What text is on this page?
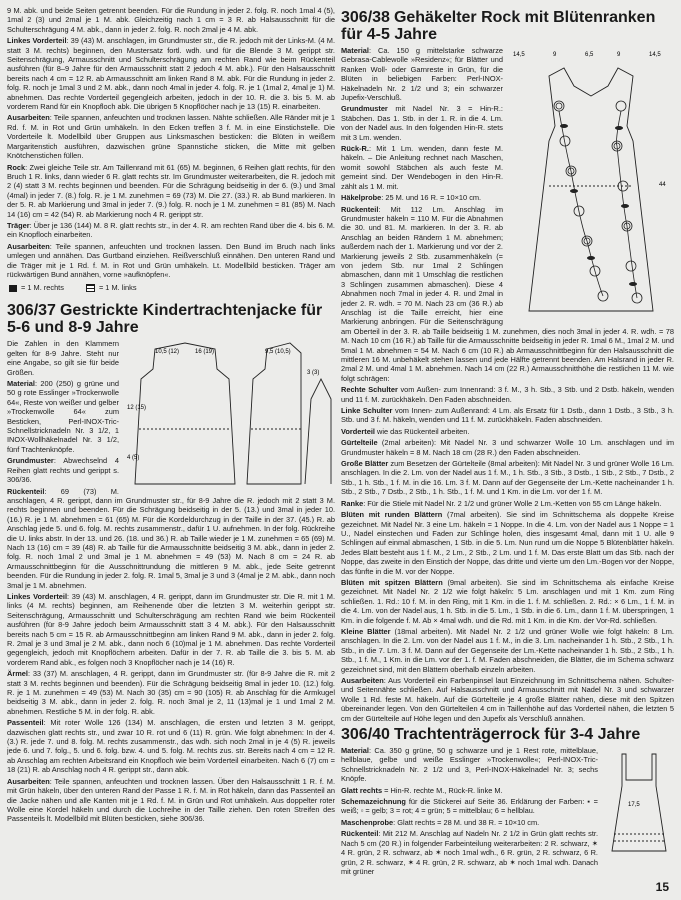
9 M. abk. und beide Seiten getrennt beenden. Für die Rundung in jeder 2. folg. R. noch 1mal 4 (5), 1mal 2 (3) und 2mal je 1 M. abk. Gleichzeitig nach 1 cm = 3 R. ab Halsausschnitt für die Schulterschrägung 4 M. abk., dann in jeder 2. folg. R. noch 2mal je 4 M. abk.

Linkes Vorderteil: 39 (43) M. anschlagen, im Grundmuster str., die R. jedoch mit der Links-M. (4 M. statt 3 M. rechts) beginnen, den Mustersatz fortl. wdh. und für die Blende 3 M. gerippt str. Seitenschrägung, Armausschnitt und Schulterschrägung am rechten Rand wie beim Rückenteil ausführen (für 8–9 Jahre für den Armausschnitt statt 2 jedoch 4 M. abk.). Für den Halsausschnitt bereits nach 4 cm = 12 R. ab Armausschnitt am linken Rand 8 M. abk. Für die Rundung in jeder 2. folg. R. noch je 1mal 3 und 2 M. abk., dann noch 4mal in jeder 4. folg. R. je 1 (1mal 2, 4mal je 1) M. abnehmen. Das rechte Vorderteil gegengleich arbeiten, jedoch in der 10. R. die 3. bis 5. M. ab vorderem Rand für ein Knopfloch abk. Die übrigen 5 Knopflöcher nach je 13 (15) R. einarbeiten.

Ausarbeiten: Teile spannen, anfeuchten und trocknen lassen. Nähte schließen. Alle Ränder mit je 1 Rd. f. M. in Rot und Grün umhäkeln. In den Ecken treffen 3 f. M. in eine Einstichstelle. Die Vorderteile lt. Modellbild über Gruppen aus Linksmaschen besticken: die Blüten in weißem Margaritenstich ausführen, dazwischen grüne Spannstiche sticken, die Mitte mit gelben Knötchenstichen füllen.

Rock: Zwei gleiche Teile str. Am Taillenrand mit 61 (65) M. beginnen, 6 Reihen glatt rechts, für den Bruch 1 R. links, dann wieder 6 R. glatt rechts str. Im Grundmuster weiterarbeiten, die R. jedoch mit 2 (4) statt 3 M. rechts beginnen und beenden. Für die Schrägung beidseitig in der 6. (9.) und 3mal (4mal) in jeder 7. (8.) folg. R. je 1 M. zunehmen = 69 (73) M. Die 27. (33.) R. ab Bund markieren. In der 5. R. ab Markierung und 3mal in jeder 7. (9.) folg. R. noch je 1 M. zunehmen = 81 (85) M. Nach 14 (16) cm = 42 (54) R. ab Markierung noch 4 R. gerippt str.

Träger: Über je 136 (144) M. 8 R. glatt rechts str., in der 4. R. am rechten Rand über die 4. bis 6. M. ein Knopfloch einarbeiten.

Ausarbeiten: Teile spannen, anfeuchten und trocknen lassen. Den Bund im Bruch nach links umlegen und annähen. Das Gurtband einziehen. Reißverschluß einnähen. Den unteren Rand und die Träger mit je 1 Rd. f. M. in Rot und Grün umhäkeln. Lt. Modellbild besticken. Träger am rückwärtigen Bund annähen, vorne »aufknöpfen«.

= 1 M. rechts	= 1 M. links
306/37 Gestrickte Kindertrachtenjacke für 5-6 und 8-9 Jahre
10,5 (12)	16 (19)	9,5 (10,5)
3 (3)
12 (15)
4 (5)

Die Zahlen in den Klammern gelten für 8-9 Jahre. Steht nur eine Angabe, so gilt sie für beide Größen.

Material: 200 (250) g grüne und 50 g rote Esslinger »Trockenwolle 64«, Reste von weißer und gelber »Trockenwolle 64« zum Besticken, Perl-INOX-Tric-Schnellstricknadeln Nr. 3 1/2, 1 INOX-Wollhäkelnadel Nr. 3 1/2, fünf Trachtenknöpfe.

Grundmuster: Abwechselnd 4 Reihen glatt rechts und gerippt s. 306/36.

Rückenteil: 69 (73) M. anschlagen, 4 R. gerippt, dann im Grundmuster str., für 8-9 Jahre die R. jedoch mit 2 statt 3 M. rechts beginnen und beenden. Für die Schrägung beidseitig in der 5. (13.) und 3mal in jeder 10. (16.) R. je 1 M. abnehmen = 61 (65) M. Für die Kordeldurchzug in der Taille in der 37. (45.) R. ab Anschlag jede 5. und 6. folg. M. rechts zusammenstr., dafür 1 U. aufnehmen. In der folg. Rückreihe die U. links abstr. In der 13. und 26. (18. und 36.) R. ab Taille wieder je 1 M. zunehmen = 65 (69) M. Nach 13 (16) cm = 39 (48) R. ab Taille für die Armausschnitte beidseitig 3 M. abk., dann in jeder 2. folg. R. noch 1mal 2 und 3mal je 1 M. abnehmen = 49 (53) M. Nach 8 cm = 24 R. ab Armausschnittbeginn für die Ausschnittrundung die mittleren 9 M. abk., jede Seite getrennt beenden. Für die Rundung in jeder 2. folg. R. 1mal 5, 3mal je 3 und 3 (4mal je 2 M. abk., dann noch 3mal je 1 M. abnehmen.

Linkes Vorderteil: 39 (43) M. anschlagen, 4 R. gerippt, dann im Grundmuster str. Die R. mit 1 M. links (4 M. rechts) beginnen, am Reihenende über die letzten 3 M. weiterhin gerippt str. Seitenschrägung, Armausschnitt und Schulterschrägung am rechten Rand wie beim Rückenteil ausführen (für 8-9 Jahre jedoch beim Armausschnitt statt 3 4 M. abk.). Für den Halsausschnitt bereits nach 5 cm = 15 R. ab Armausschnittbeginn am linken Rand 9 M. abk., dann in jeder 2. folg. R. 2mal je 3 und 3mal je 2 M. abk., dann noch 6 (10)mal je 1 M. abnehmen. Das rechte Vorderteil gegengleich, jedoch mit Knopflöchern arbeiten. Dafür in der 7. R. ab Taille die 3. bis 5. M. ab vorderem Rand abk., es folgen noch 3 Knopflöcher nach je 14 (16) R.

Ärmel: 33 (37) M. anschlagen, 4 R. gerippt, dann im Grundmuster str. (für 8-9 Jahre die R. mit 2 statt 3 M. rechts beginnen und beenden). Für die Schrägung beidseitig 8mal in jeder 10. (12.) folg. R. je 1 M. zunehmen = 49 (53) M. Nach 30 (35) cm = 90 (105) R. ab Anschlag für die Armkugel beidseitig 3 M. abk., dann in jeder 2. folg. R. noch 3mal je 2, 11 (13)mal je 1 und 1mal 2 M. abnehmen. Restliche 5 M. in der folg. R. abk.

Passenteil: Mit roter Wolle 126 (134) M. anschlagen, die ersten und letzten 3 M. gerippt, dazwischen glatt rechts str., und zwar 10 R. rot und 6 (11) R. grün. Wie folgt abnehmen: In der 4. (3.) R. jede 7. und 8. folg. M. rechts zusammenstr., das wdh. sich noch 2mal in je 4 (5) R. jeweils jede 6. und 7. folg., 5. und 6. folg. bzw. 4. und 5. folg. M. rechts zus. str. Bereits nach 4 cm = 12 R. ab Anschlag am rechten Arbeitsrand ein Knopfloch wie beim Vorderteil einarbeiten. Nach 6 (7) cm = 18 (21) R. ab Anschlag noch 4 R. gerippt str., dann abk.

Ausarbeiten: Teile spannen, anfeuchten und trocknen lassen. Über den Halsausschnitt 1 R. f. M. mit Grün häkeln, über den unteren Rand der Passe 1 R. f. M. in Rot häkeln, dann das Passenteil an die Jacke nähen und alle Kanten mit je 1 Rd. f. M. in Grün und Rot umhäkeln. Aus doppelter roter Wolle eine Kordel häkeln und durch die Lochreihe in der Taille ziehen. Den roten Streifen des Passenteils lt. Modellbild mit Blüten besticken, siehe 306/36.

306/38 Gehäkelter Rock mit Blütenranken für 4-5 Jahre
14,5	9	6,5	9	14,5
44

Material: Ca. 150 g mittelstarke schwarze Gebrasa-Cablewolle »Residenz«; für Blätter und Ranken Woll- oder Garnreste in Grün, für die Blüten in beliebigen Farben: Perl-INOX-Häkelnadeln Nr. 2 1/2 und 3; ein schwarzer Jupefix-Verschluß.

Grundmuster mit Nadel Nr. 3 = Hin-R.: Stäbchen. Das 1. Stb. in der 1. R. in die 4. Lm. von der Nadel aus. In den folgenden Hin-R. stets mit 3 Lm. wenden.

Rück-R.: Mit 1 Lm. wenden, dann feste M. häkeln. – Die Anleitung rechnet nach Maschen, womit sowohl Stäbchen als auch feste M. gemeint sind. Der Wendebogen in den Hin-R. zählt als 1 M. mit.

Häkelprobe: 25 M. und 16 R. = 10×10 cm.

Rückenteil: Mit 112 Lm. Anschlag im Grundmuster häkeln = 110 M. Für die Abnahmen die 30. und 81. M. markieren. In der 3. R. ab Anschlag an beiden Rändern 1 M. abnehmen; außerdem nach der 1. Markierung und vor der 2. Markierung jeweils 2 Stb. zusammenhäkeln (= von jedem Stb. nur 1mal 2 Schlingen abmaschen, dann mit 1 Umschlag die restlichen 3 Schlingen zusammen abmaschen). Diese 4 Abnahmen noch 7mal in jeder 4. R. und 2mal in jeder 2. R. wdh. = 70 M. Nach 23 cm (36 R.) ab Anschlag ist die Taille erreicht, hier eine Markierung anbringen. Für die Seitenschrägung am Oberteil in der 3. R. ab Taille beidseitig 1 M. zunehmen, dies noch 3mal in jeder 4. R. wdh. = 78 M. Nach 10 cm (16 R.) ab Taille für die Armausschnitte beidseitig in jeder R. 1mal 6 M., 1mal 2 M. und 5mal 1 M. abnehmen = 54 M. Nach 6 cm (10 R.) ab Armausschnittbeginn für den Halsausschnitt die mittleren 16 M. unbehäkelt stehen lassen und jede Hälfte getrennt beenden. Am Halsrand in jeder R. 2mal 2 M. und 4mal 1 M. abnehmen. Nach 14 cm (22 R.) Armausschnitthöhe die restlichen 11 M. wie folgt schrägen:

Rechte Schulter vom Außen- zum Innenrand: 3 f. M., 3 h. Stb., 3 Stb. und 2 Dstb. häkeln, wenden und 11 f. M. zurückhäkeln. Den Faden abschneiden.

Linke Schulter vom Innen- zum Außenrand: 4 Lm. als Ersatz für 1 Dstb., dann 1 Dstb., 3 Stb., 3 h. Stb. und 3 f. M. häkeln, wenden und 11 f. M. zurückhäkeln. Faden abschneiden.

Vorderteil wie das Rückenteil arbeiten.

Gürtelteile (2mal arbeiten): Mit Nadel Nr. 3 und schwarzer Wolle 10 Lm. anschlagen und im Grundmuster häkeln = 8 M. Nach 18 cm (28 R.) den Faden abschneiden.

Große Blätter zum Besetzen der Gürtelteile (8mal arbeiten): Mit Nadel Nr. 3 und grüner Wolle 16 Lm. anschlagen. In die 2. Lm. von der Nadel aus 1 f. M., 1 h. Stb., 3 Stb., 3 Dstb., 1 Stb., 2 Stb., 7 Dstb., 2 Stb., 1 h. Stb., 1 f. M. in die 16. Lm. 3 f. M. Dann auf der Gegenseite der Lm.-Kette nacheinander 1 h. Stb., 2 Stb., 7 Dstb., 2 Stb., 1 h. Stb., 1 f. M. und 1 Km. in die Lm. vor der 1 f. M.

Ranke: Für die Stiele mit Nadel Nr. 2 1/2 und grüner Wolle 2 Lm.-Ketten von 55 cm Länge häkeln.

Blüten mit runden Blättern (7mal arbeiten). Sie sind im Schnittschema als doppelte Kreise gezeichnet. Mit Nadel Nr. 3 eine Lm. häkeln = 1 Noppe. In die 4. Lm. von der Nadel aus 1 Noppe = 1 U., Nadel einstechen und Faden zur Schlinge holen, dies insgesamt 4mal, dann mit 1 U. alle 9 Schlingen auf einmal abmaschen, 1 Stb. in die 5. Lm. Nun rund um die Noppe 5 Blütenblätter häkeln. Jedes Blatt besteht aus 1 f. M., 2 Lm., 2 Stb., 2 Lm. und 1 f. M. Das erste Blatt um das Stb. nach der Noppe, das zweite in den Einstich der Noppe, das dritte und vierte um den Lm.-Bogen vor der Noppe, das fünfte in die M. vor der Noppe.

Blüten mit spitzen Blättern (9mal arbeiten). Sie sind im Schnittschema als einfache Kreise gezeichnet. Mit Nadel Nr. 2 1/2 wie folgt häkeln: 5 Lm. anschlagen und mit 1 Km. zum Ring schließen. 1. Rd.: 10 f. M. in den Ring, mit 1 Km. in die 1. f. M. schließen. 2. Rd.: × 6 Lm., 1 f. M. in die 4. Lm. von der Nadel aus, 1 h. Stb. in die 5. Lm., 1 Stb. in die 6. Lm., dann 1 f. M. überspringen, 1 Km. in die folgende f. M. Ab × 4mal wdh. und die Rd. mit 1 Km. in die Km. der Vor-Rd. schließen.

Kleine Blätter (18mal arbeiten). Mit Nadel Nr. 2 1/2 und grüner Wolle wie folgt häkeln: 8 Lm. anschlagen. In die 2. Lm. von der Nadel aus 1 f. M., in die 3. Lm. nacheinander 1 h. Stb., 2 Stb., 1 h. Stb., in die 7. Lm. 3 f. M. Dann auf der Gegenseite der Lm.-Kette nacheinander 1 h. Stb., 2 Stb., 1 h. Stb., 1 f. M., 1 Km. in die Lm. vor der 1. f. M. Faden abschneiden, die Blätter, die im Schema schwarz gezeichnet sind, mit den Blättern oberhalb einzeln arbeiten.

Ausarbeiten: Aus Vorderteil ein Farbenpinsel laut Einzeichnung im Schnittschema nähen. Schulter- und Seitennähte schließen. Auf Halsausschnitt und Armausschnitt mit Nadel Nr. 3 und schwarzer Wolle 1 Rd. feste M. häkeln. Auf die Gürtelteile je 4 große Blätter nähen, diese mit den Spitzen übereinander legen. Von den Gürtelteilen 4 cm in Taillenhöhe auf das Vorderteil nähen, die letzten 5 cm der Gürtelteile auf Höhe legen und den Jupefix als Verschluß annähen.

306/40 Trachtenträgerrock für 3-4 Jahre
17,5

Material: Ca. 350 g grüne, 50 g schwarze und je 1 Rest rote, mittelblaue, hellblaue, gelbe und weiße Esslinger »Trockenwolle«; Perl-INOX-Tric-Schnellstricknadeln Nr. 2 1/2 und 3, Perl-INOX-Häkelnadel Nr. 3; sechs Knöpfe.

Glatt rechts = Hin-R. rechte M., Rück-R. linke M.

Schemazeichnung für die Stickerei auf Seite 36. Erklärung der Farben: ▪ = weiß; ▫ = gelb; 3 = rot; 4 = grün; 5 = mittelblau; 6 = hellblau.

Maschenprobe: Glatt rechts = 28 M. und 38 R. = 10×10 cm.

Rückenteil: Mit 212 M. Anschlag auf Nadeln Nr. 2 1/2 in Grün glatt rechts str. Nach 5 cm (20 R.) in folgender Farbeinteilung weiterarbeiten: 2 R. schwarz, ✶ 4 R. grün, 2 R. schwarz, ab ✶ noch 1mal wdh., 6 R. grün, 2 R. schwarz, 6 R. grün, 2 R. schwarz, ✶ 4 R. grün, 2 R. schwarz, ab ✶ noch 1mal wdh. Danach mit grüner

15
